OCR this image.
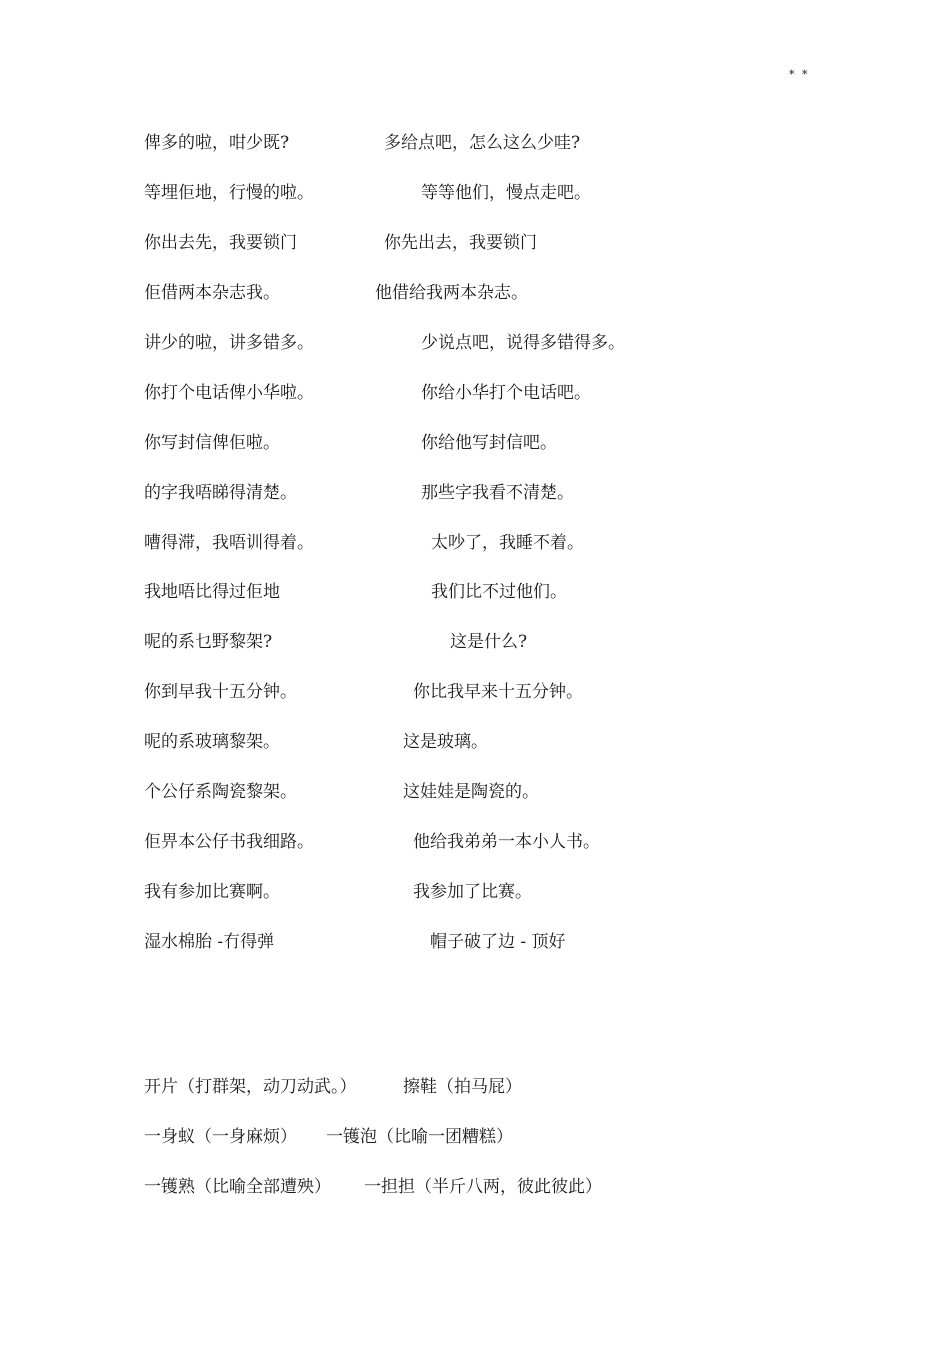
* *
俾多的啦，咁少既?	多给点吧，怎么这么少哇?
等埋佢地，行慢的啦。	等等他们，慢点走吧。
你出去先，我要锁门	你先出去，我要锁门
佢借两本杂志我。	他借给我两本杂志。
讲少的啦，讲多错多。	少说点吧，说得多错得多。
你打个电话俾小华啦。	你给小华打个电话吧。
你写封信俾佢啦。	你给他写封信吧。
的字我唔睇得清楚。	那些字我看不清楚。
嘈得滞，我唔训得着。	太吵了，我睡不着。
我地唔比得过佢地	我们比不过他们。
呢的系乜野黎架?	这是什么?
你到早我十五分钟。	你比我早来十五分钟。
呢的系玻璃黎架。	这是玻璃。
个公仔系陶瓷黎架。	这娃娃是陶瓷的。
佢畀本公仔书我细路。	他给我弟弟一本小人书。
我有参加比赛啊。	我参加了比赛。
湿水棉胎 -冇得弹	帽子破了边 - 顶好
开片（打群架，动刀动武。）	擦鞋（拍马屁）
一身蚁（一身麻烦） 一镬泡（比喻一团糟糕）
一镬熟（比喻全部遭殃） 一担担（半斤八两，彼此彼此）
